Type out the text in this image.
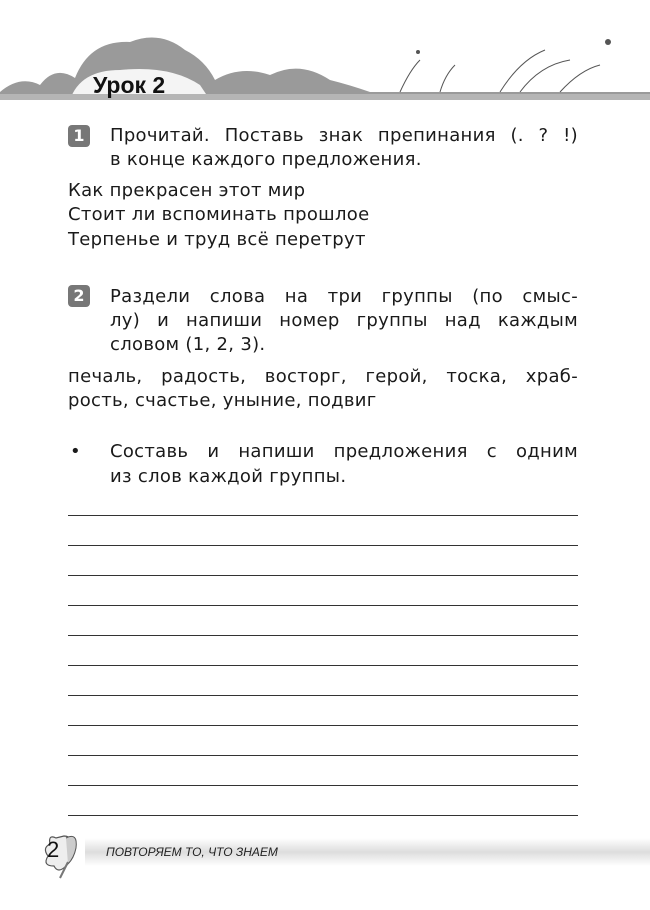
Урок 2
1	Прочитай. Поставь знак препинания (. ? !)
в конце каждого предложения.
Как прекрасен этот мир
Стоит ли вспоминать прошлое
Терпенье и труд всё перетрут
2	Раздели слова на три группы (по смыс-
лу) и напиши номер группы над каждым
словом (1, 2, 3).
печаль, радость, восторг, герой, тоска, храб-
рость, счастье, уныние, подвиг
• Составь и напиши предложения с одним
из слов каждой группы.
2	ПОВТОРЯЕМ ТО, ЧТО ЗНАЕМ
